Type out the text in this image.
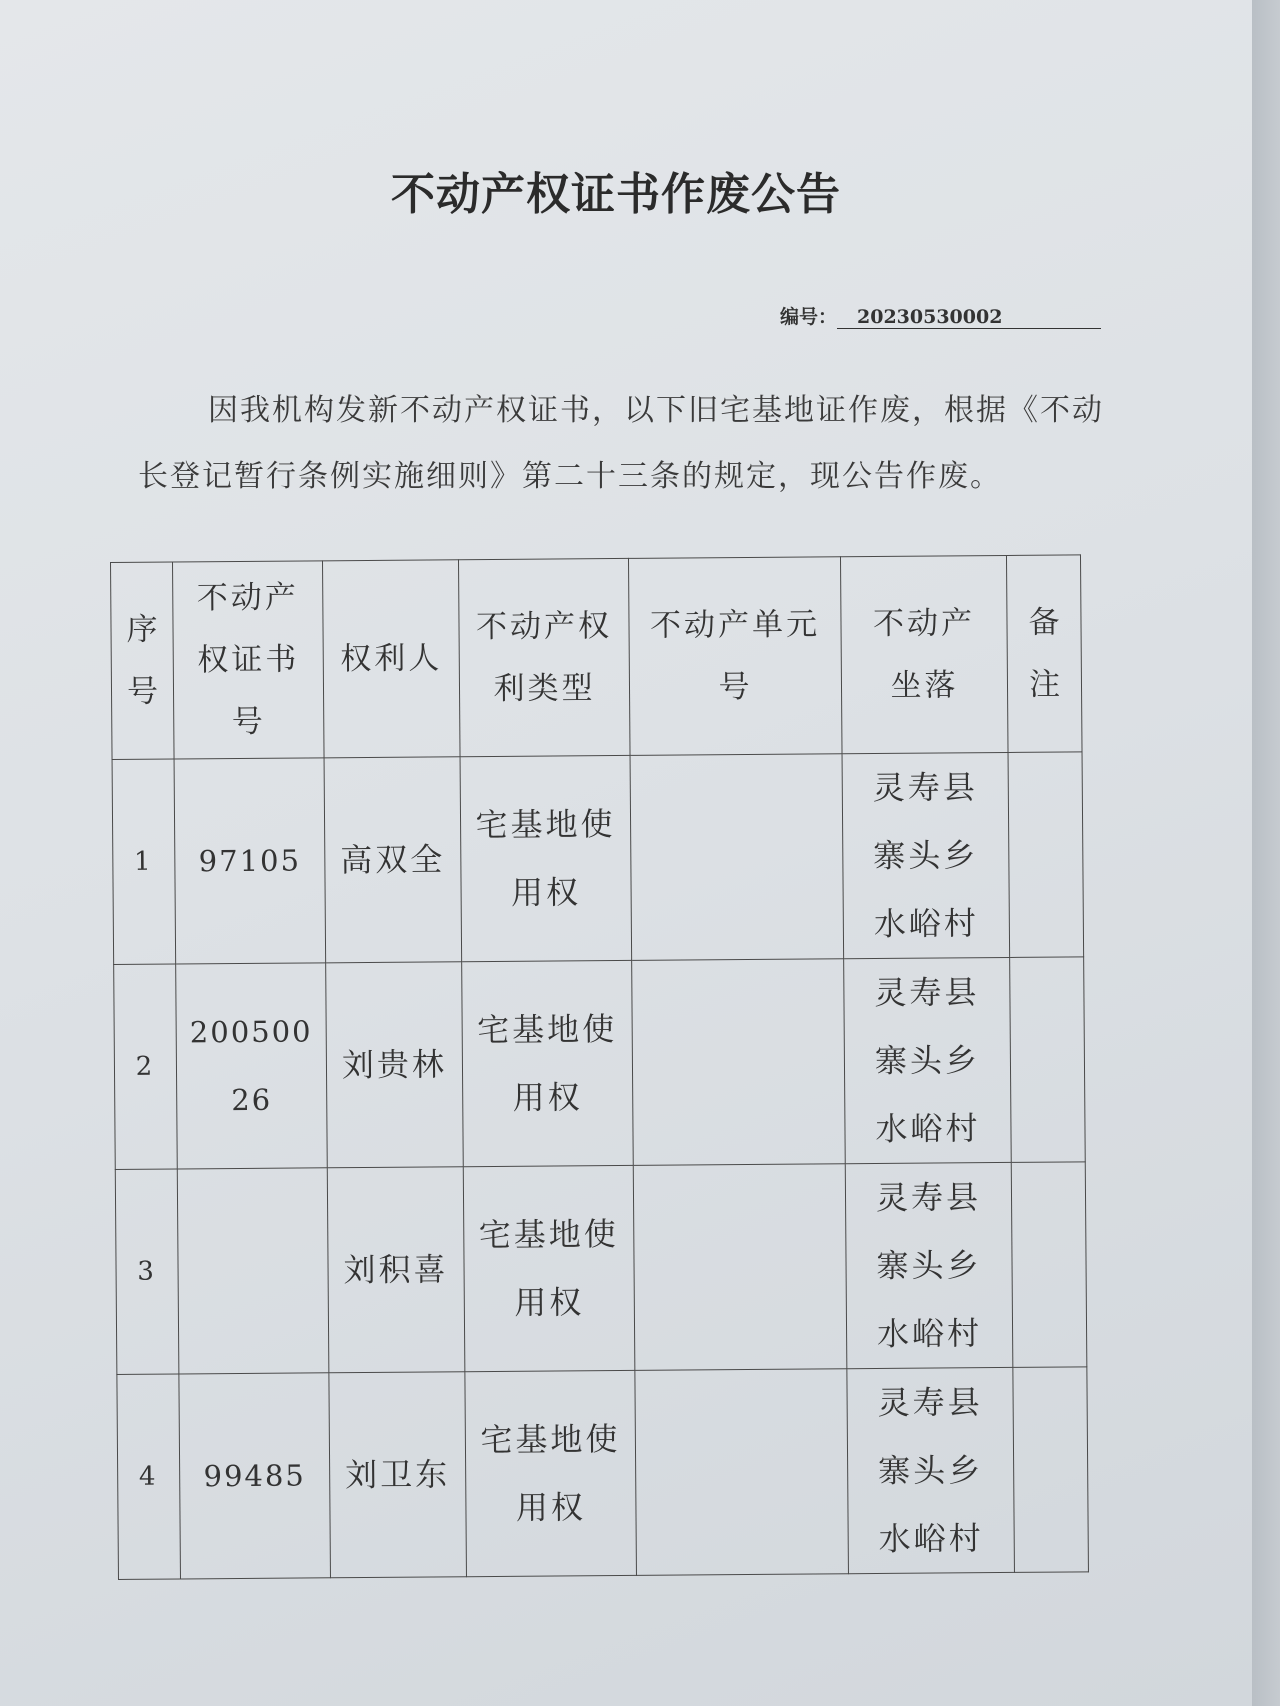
不动产权证书作废公告
编号： 20230530002
因我机构发新不动产权证书，以下旧宅基地证作废，根据《不动长登记暂行条例实施细则》第二十三条的规定，现公告作废。
序号	不动产权证书号	权利人	不动产权利类型	不动产单元号	不动产坐落	备注
1	97105	高双全	宅基地使用权		灵寿县寨头乡水峪村	
2	20050026	刘贵林	宅基地使用权		灵寿县寨头乡水峪村	
3		刘积喜	宅基地使用权		灵寿县寨头乡水峪村	
4	99485	刘卫东	宅基地使用权		灵寿县寨头乡水峪村	
